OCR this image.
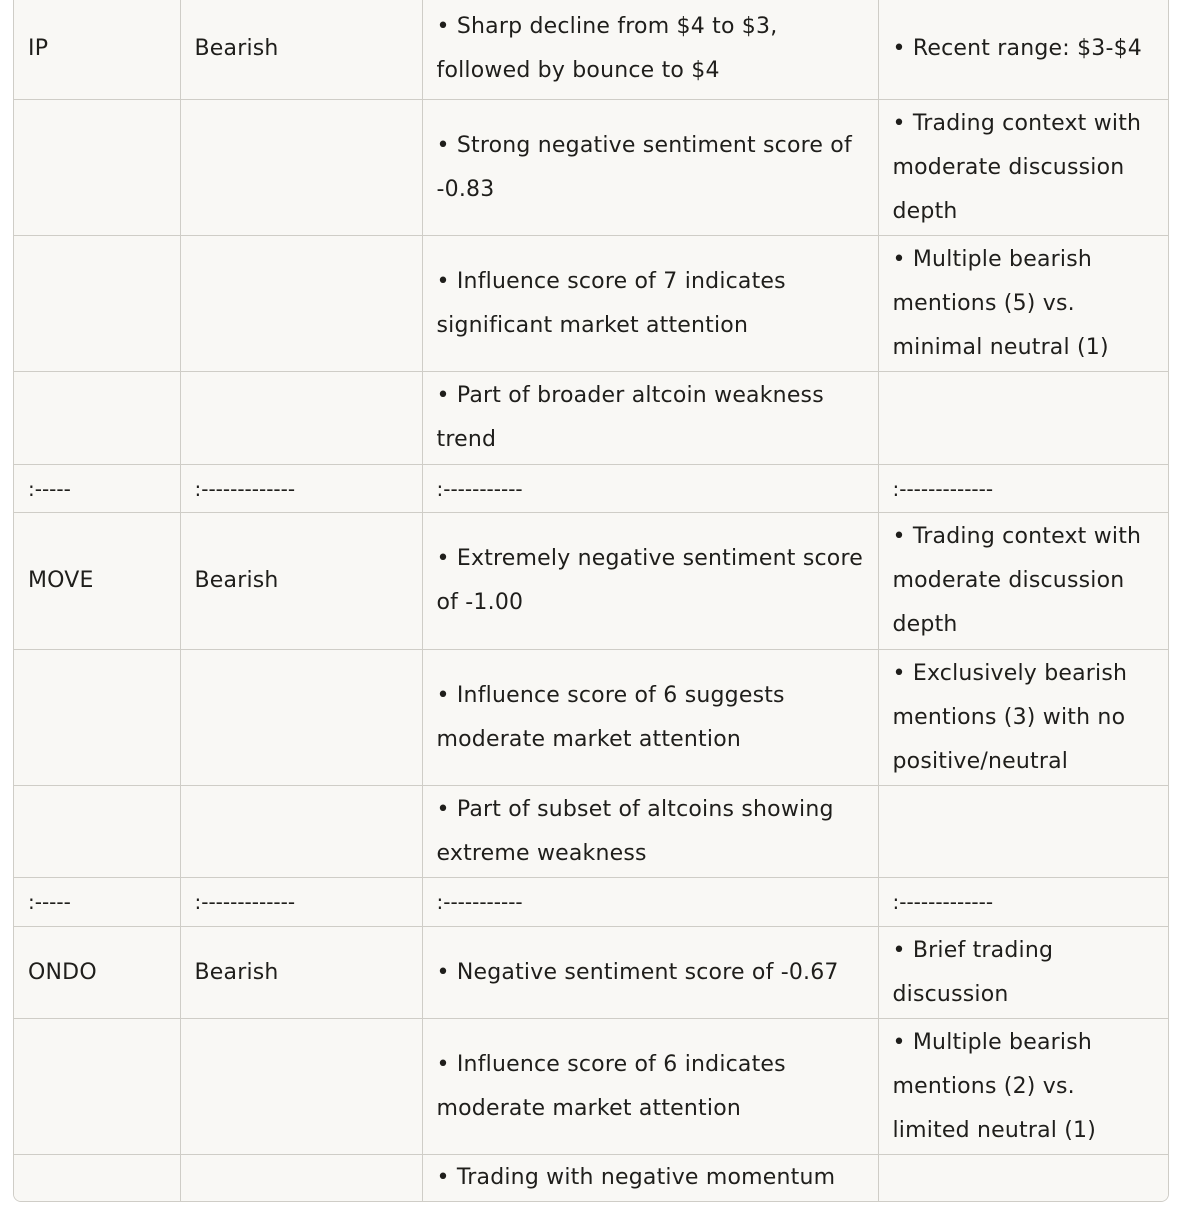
IP	Bearish	• Sharp decline from $4 to $3, followed by bounce to $4	• Recent range: $3-$4
		• Strong negative sentiment score of -0.83	• Trading context with moderate discussion depth
		• Influence score of 7 indicates significant market attention	• Multiple bearish mentions (5) vs. minimal neutral (1)
		• Part of broader altcoin weakness trend	
:-----	:-------------	:-----------	:-------------
MOVE	Bearish	• Extremely negative sentiment score of -1.00	• Trading context with moderate discussion depth
		• Influence score of 6 suggests moderate market attention	• Exclusively bearish mentions (3) with no positive/neutral
		• Part of subset of altcoins showing extreme weakness	
:-----	:-------------	:-----------	:-------------
ONDO	Bearish	• Negative sentiment score of -0.67	• Brief trading discussion
		• Influence score of 6 indicates moderate market attention	• Multiple bearish mentions (2) vs. limited neutral (1)
		• Trading with negative momentum	
